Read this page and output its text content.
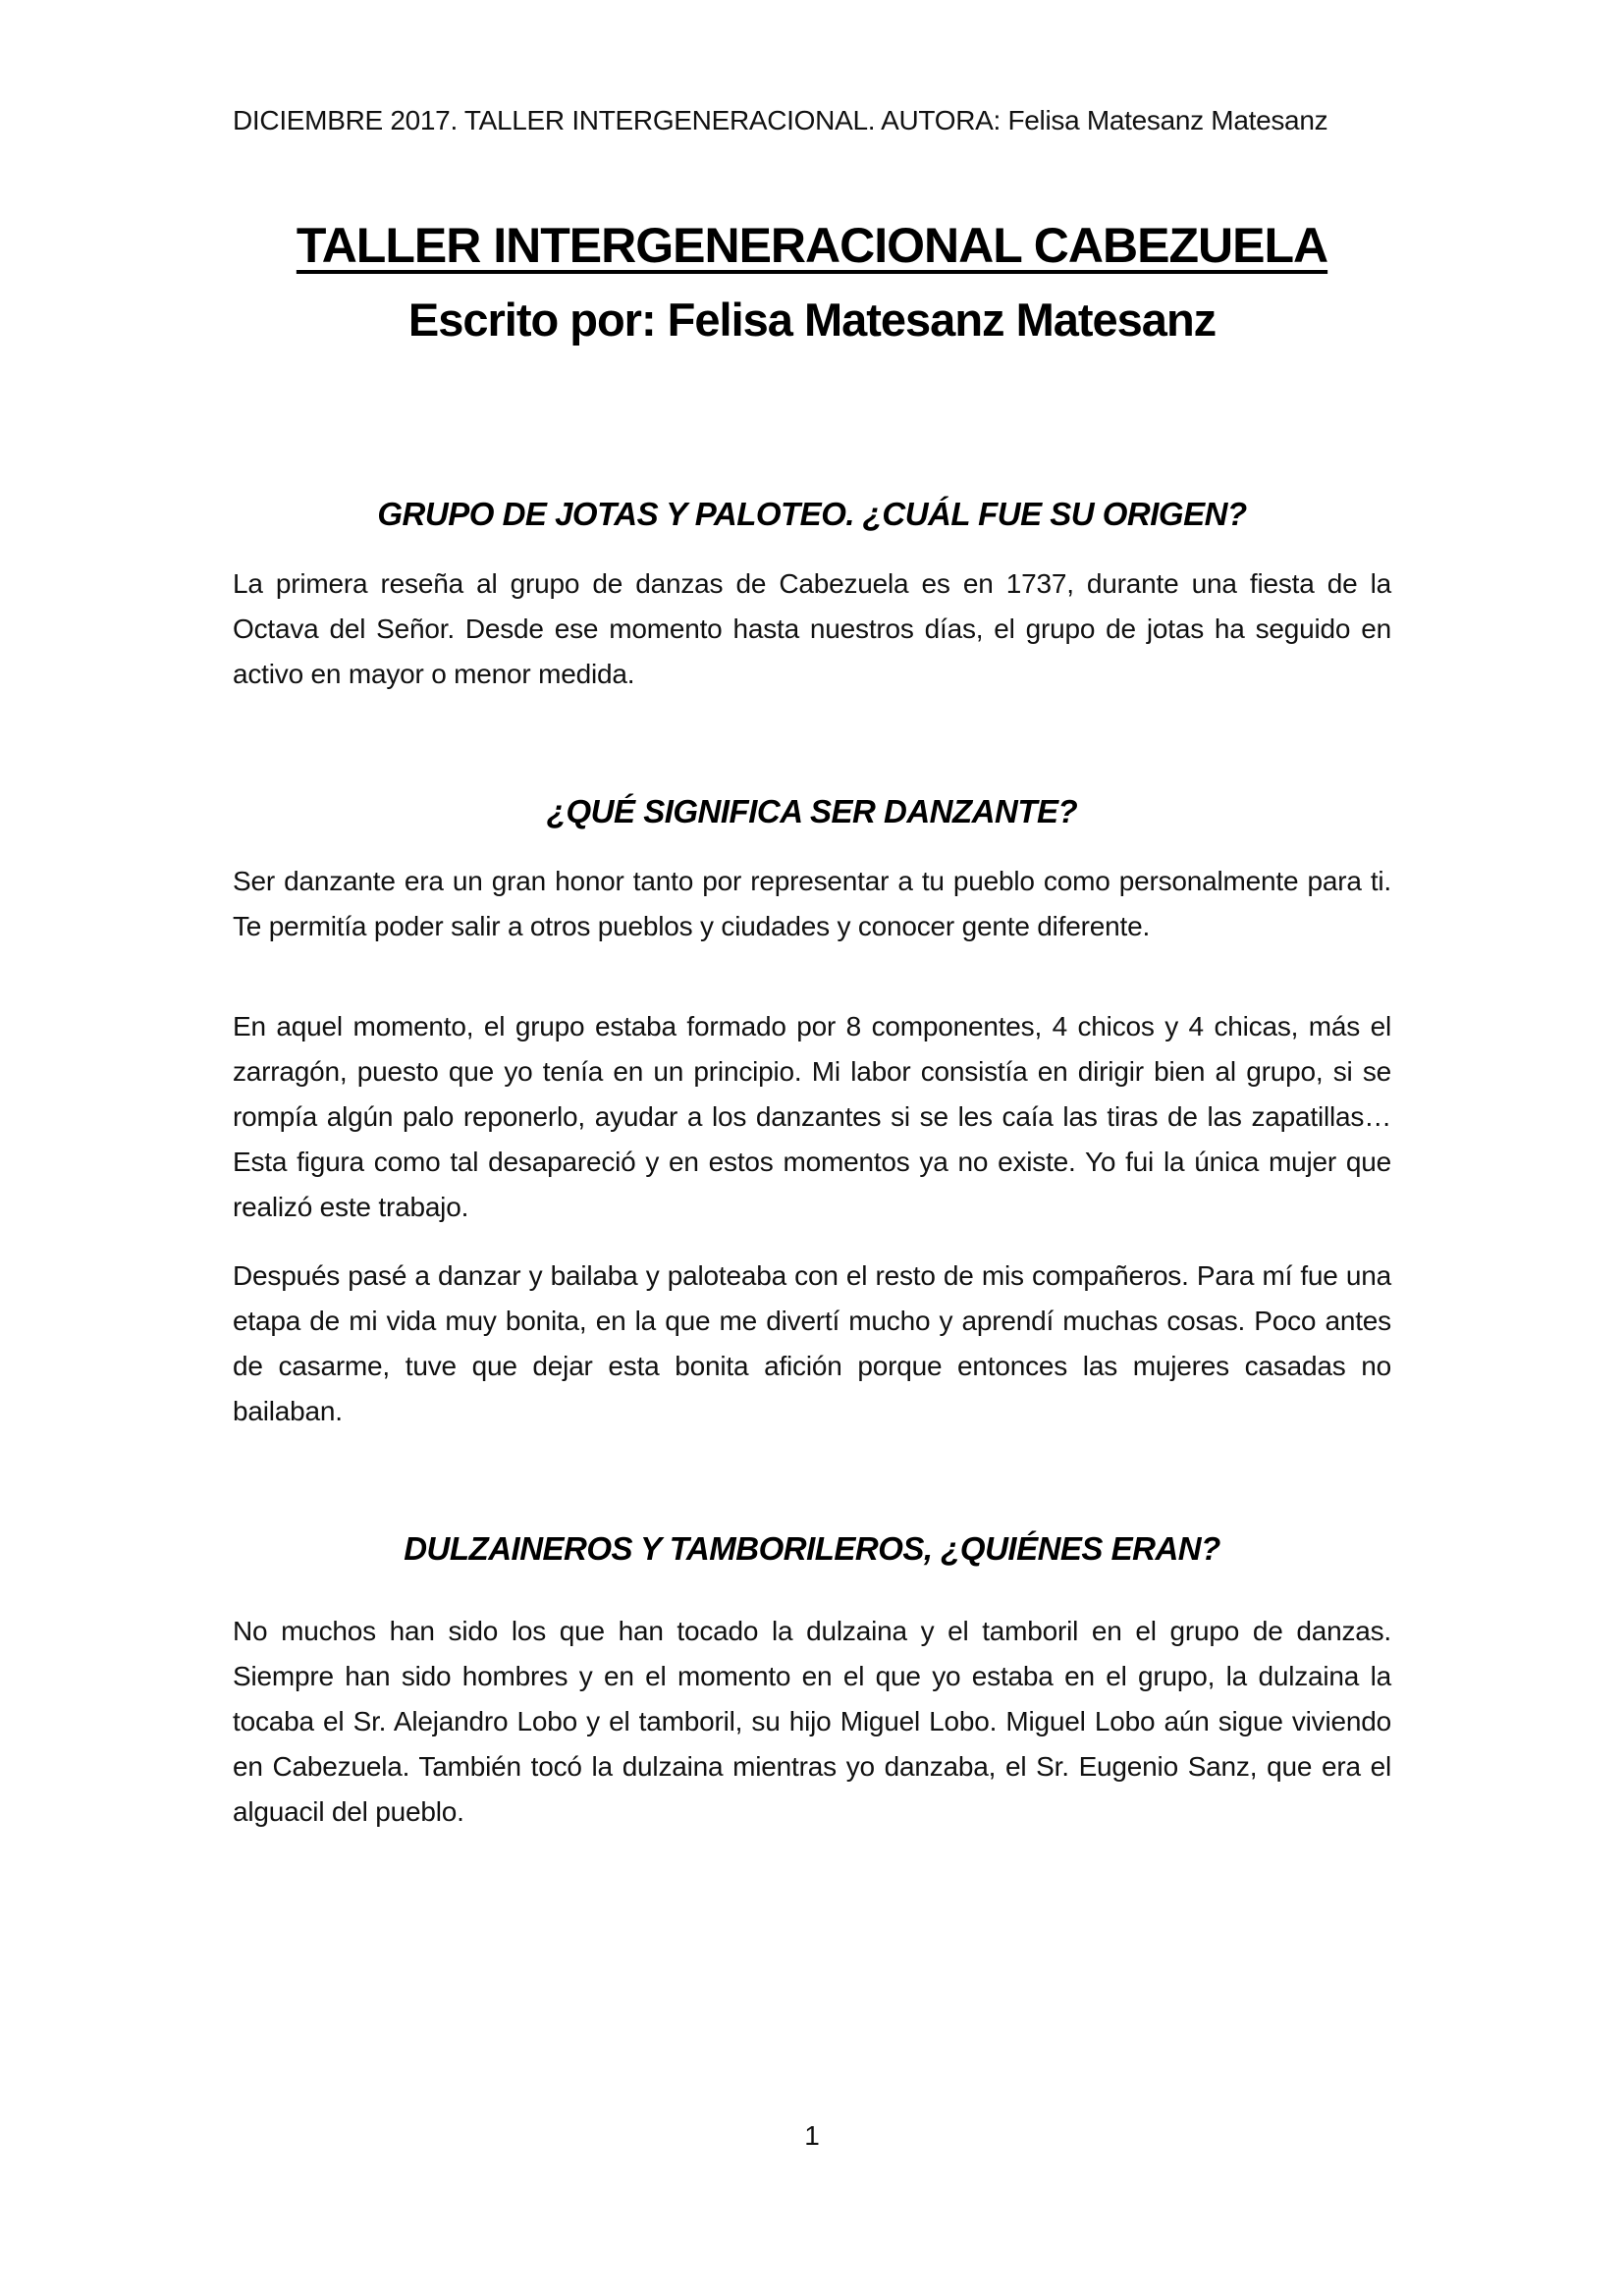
DICIEMBRE 2017. TALLER INTERGENERACIONAL. AUTORA: Felisa Matesanz Matesanz

TALLER INTERGENERACIONAL CABEZUELA
Escrito por: Felisa Matesanz Matesanz
GRUPO DE JOTAS Y PALOTEO. ¿CUÁL FUE SU ORIGEN?

La primera reseña al grupo de danzas de Cabezuela es en 1737, durante una fiesta de la Octava del Señor. Desde ese momento hasta nuestros días, el grupo de jotas ha seguido en activo en mayor o menor medida.

¿QUÉ SIGNIFICA SER DANZANTE?

Ser danzante era un gran honor tanto por representar a tu pueblo como personalmente para ti. Te permitía poder salir a otros pueblos y ciudades y conocer gente diferente.

En aquel momento, el grupo estaba formado por 8 componentes, 4 chicos y 4 chicas, más el zarragón, puesto que yo tenía en un principio. Mi labor consistía en dirigir bien al grupo, si se rompía algún palo reponerlo, ayudar a los danzantes si se les caía las tiras de las zapatillas… Esta figura como tal desapareció y en estos momentos ya no existe. Yo fui la única mujer que realizó este trabajo.

Después pasé a danzar y bailaba y paloteaba con el resto de mis compañeros. Para mí fue una etapa de mi vida muy bonita, en la que me divertí mucho y aprendí muchas cosas. Poco antes de casarme, tuve que dejar esta bonita afición porque entonces las mujeres casadas no bailaban.

DULZAINEROS Y TAMBORILEROS, ¿QUIÉNES ERAN?

No muchos han sido los que han tocado la dulzaina y el tamboril en el grupo de danzas. Siempre han sido hombres y en el momento en el que yo estaba en el grupo, la dulzaina la tocaba el Sr. Alejandro Lobo y el tamboril, su hijo Miguel Lobo. Miguel Lobo aún sigue viviendo en Cabezuela. También tocó la dulzaina mientras yo danzaba, el Sr. Eugenio Sanz, que era el alguacil del pueblo.

1
